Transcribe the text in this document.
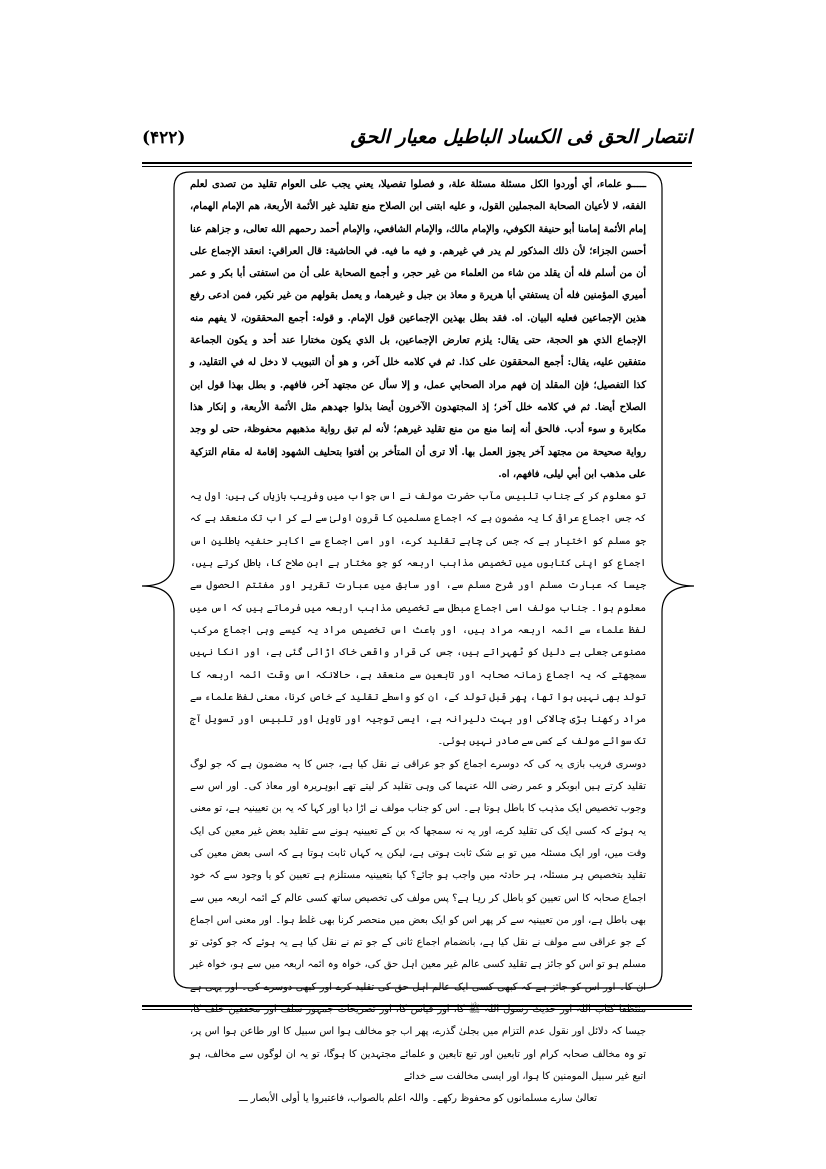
انتصار الحق فی الکساد الباطیل معیار الحق
(۴۲۲)

ـــــو علماء، أي أوردوا الكل مسئلة مسئلة علة، و فصلوا تفصيلا، يعني يجب على العوام تقليد من تصدى لعلم الفقه، لا لأعيان الصحابة المجملين القول، و عليه ابتنى ابن الصلاح منع تقليد غير الأئمة الأربعة، هم الإمام الهمام، إمام الأئمة إمامنا أبو حنيفة الكوفي، والإمام مالك، والإمام الشافعي، والإمام أحمد رحمهم الله تعالى، و جزاهم عنا أحسن الجزاء؛ لأن ذلك المذكور لم يدر في غيرهم. و فيه ما فيه. في الحاشية: قال العراقي: انعقد الإجماع على أن من أسلم فله أن يقلد من شاء من العلماء من غير حجر، و أجمع الصحابة على أن من استفتى أبا بكر و عمر أميري المؤمنين فله أن يستفتي أبا هريرة و معاذ بن جبل و غيرهما، و يعمل بقولهم من غير نكير، فمن ادعى رفع هذين الإجماعين فعليه البيان. اه. فقد بطل بهذين الإجماعين قول الإمام. و قوله: أجمع المحققون، لا يفهم منه الإجماع الذي هو الحجة، حتى يقال: يلزم تعارض الإجماعين، بل الذي يكون مختارا عند أحد و يكون الجماعة متفقين عليه، يقال: أجمع المحققون على كذا. ثم في كلامه خلل آخر، و هو أن التبويب لا دخل له في التقليد، و كذا التفصيل؛ فإن المقلد إن فهم مراد الصحابي عمل، و إلا سأل عن مجتهد آخر، فافهم. و بطل بهذا قول ابن الصلاح أيضا. ثم في كلامه خلل آخر؛ إذ المجتهدون الآخرون أيضا بذلوا جهدهم مثل الأئمة الأربعة، و إنكار هذا مكابرة و سوء أدب. فالحق أنه إنما منع من منع تقليد غيرهم؛ لأنه لم تبق رواية مذهبهم محفوظة، حتى لو وجد رواية صحيحة من مجتهد آخر يجوز العمل بها. ألا ترى أن المتأخر بن أفتوا بتحليف الشهود إقامة له مقام التزكية على مذهب ابن أبي ليلى، فافهم، اه.

تو معلوم کر کے جناب تلبیس مآب حضرت مولف نے اس جواب میں وفریب بازیاں کی ہیں: اول یہ کہ جس اجماع عراقی کا یہ مضمون ہے کہ اجماع مسلمین کا قرونِ اولیٰ سے لے کر اب تک منعقد ہے کہ جو مسلم کو اختیار ہے کہ جس کی چاہے تقلید کرے، اور اسی اجماع سے اکابر حنفیہ باطلین اس اجماع کو اپنی کتابوں میں تخصیص مذاہب اربعہ کو جو مختار ہے ابن صلاح کا، باطل کرتے ہیں، جیسا کہ عبارت مسلم اور شرح مسلم سے، اور سابق میں عبارت تقریر اور مفتتم الحصول سے معلوم ہوا۔ جناب مولف اسی اجماع مبطل سے تخصیص مذاہب اربعہ میں فرماتے ہیں کہ اس میں لفظ علماء سے ائمہ اربعہ مراد ہیں، اور باعث اس تخصیص مراد یہ کیسے وہی اجماع مرکب مصنوعی جعلی بے دلیل کو ٹھہراتے ہیں، جس کی قرار واقعی خاک اڑائی گئی ہے، اور انکا نہیں سمجھتے کہ یہ اجماع زمانہ صحابہ اور تابعین سے منعقد ہے، حالانکہ اس وقت ائمہ اربعہ کا تولد بھی نہیں ہوا تھا، پھر قبل تولد کے، ان کو واسطے تقلید کے خاص کرنا، معنی لفظ علماء سے مراد رکھنا بڑی چالاکی اور بہت دلیرانہ ہے، ایسی توجیہ اور تاویل اور تلبیس اور تسویل آج تک سوائے مولف کے کسی سے صادر نہیں ہوئی۔

دوسری فریب بازی یہ کی کہ دوسرے اجماع کو جو عراقی نے نقل کیا ہے، جس کا یہ مضمون ہے کہ جو لوگ تقلید کرتے ہیں ابوبکر و عمر رضی اللہ عنہما کی وہی تقلید کر لیتے تھے ابوہریرہ اور معاذ کی۔ اور اس سے وجوب تخصیص ایک مذہب کا باطل ہوتا ہے۔ اس کو جناب مولف نے اڑا دیا اور کہا کہ یہ بن تعیینیہ ہے، تو معنی یہ ہوئے کہ کسی ایک کی تقلید کرے، اور یہ نہ سمجھا کہ بن کے تعیینیہ ہونے سے تقلید بعض غیر معین کی ایک وقت میں، اور ایک مسئلہ میں تو بے شک ثابت ہوتی ہے، لیکن یہ کہاں ثابت ہوتا ہے کہ اسی بعض معین کی تقلید بتخصیص ہر مسئلہ، ہر حادثہ میں واجب ہو جائے؟ کیا بتعیینیہ مستلزم ہے تعیین کو یا وجود سے کہ خود اجماع صحابہ کا اس تعیین کو باطل کر رہا ہے؟ پس مولف کی تخصیص ساتھ کسی عالم کے ائمہ اربعہ میں سے بھی باطل ہے، اور من تعیینیہ سے کر پھر اس کو ایک بعض میں منحصر کرنا بھی غلط ہوا۔ اور معنی اس اجماع کے جو عراقی سے مولف نے نقل کیا ہے، بانضمام اجماع ثانی کے جو تم نے نقل کیا ہے یہ ہوئے کہ جو کوئی تو مسلم ہو تو اس کو جائز ہے تقلید کسی عالم غیر معین اہل حق کی، خواہ وہ ائمہ اربعہ میں سے ہو، خواہ غیر ان کا۔ اور اس کو جائز ہے کہ کبھی کسی ایک عالم اہل حق کی تقلید کرے اور کبھی دوسرے کی۔ اور یہی ہے منتظفا کتاب اللہ اور حدیث رسول اللہ ﷺ کا، اور قیاس کا، اور تصریحات جمہور سلف اور محققین خلف کا، جیسا کہ دلائل اور نقول عدم التزام میں بجلیٰ گذرے، پھر اب جو مخالف ہوا اس سبیل کا اور طاعن ہوا اس پر، تو وہ مخالف صحابہ کرام اور تابعین اور تبع تابعین و علمائے مجتہدین کا ہوگا، تو یہ ان لوگوں سے مخالف، ہو اتبع غیر سبیل المومنین کا ہوا، اور ایسی مخالفت سے خدائے

تعالیٰ سارے مسلمانوں کو محفوظ رکھے۔ واللہ اعلم بالصواب، فاعتبروا یا أولی الأبصار ـــ
